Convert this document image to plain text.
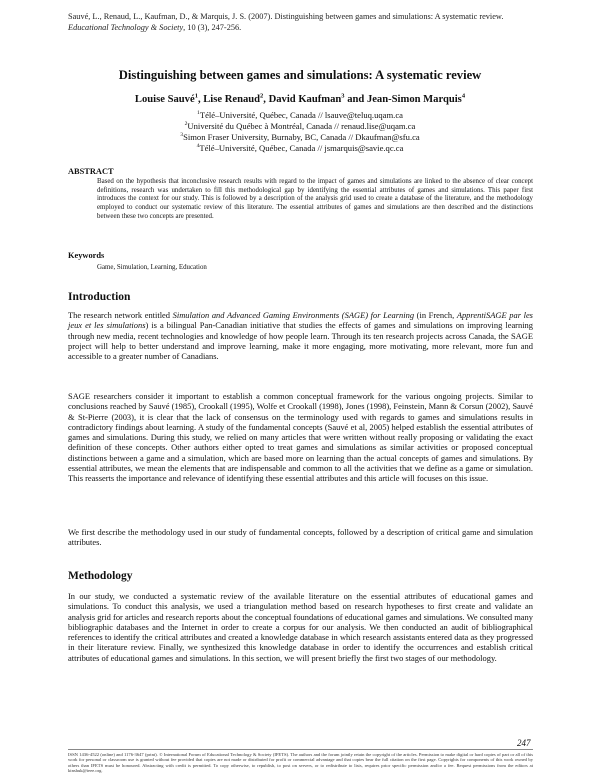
Sauvé, L., Renaud, L., Kaufman, D., & Marquis, J. S. (2007). Distinguishing between games and simulations: A systematic review. Educational Technology & Society, 10 (3), 247-256.
Distinguishing between games and simulations: A systematic review
Louise Sauvé$^1$, Lise Renaud$^2$, David Kaufman$^3$ and Jean-Simon Marquis$^4$
$^1$Télé–Université, Québec, Canada // lsauve@teluq.uqam.ca
$^2$Université du Québec à Montréal, Canada // renaud.lise@uqam.ca
$^3$Simon Fraser University, Burnaby, BC, Canada // Dkaufman@sfu.ca
$^4$Télé–Université, Québec, Canada // jsmarquis@savie.qc.ca
ABSTRACT
Based on the hypothesis that inconclusive research results with regard to the impact of games and simulations are linked to the absence of clear concept definitions, research was undertaken to fill this methodological gap by identifying the essential attributes of games and simulations. This paper first introduces the context for our study. This is followed by a description of the analysis grid used to create a database of the literature, and the methodology employed to conduct our systematic review of this literature. The essential attributes of games and simulations are then described and the distinctions between these two concepts are presented.
Keywords
Game, Simulation, Learning, Education
Introduction
The research network entitled Simulation and Advanced Gaming Environments (SAGE) for Learning (in French, ApprentiSAGE par les jeux et les simulations) is a bilingual Pan-Canadian initiative that studies the effects of games and simulations on improving learning through new media, recent technologies and knowledge of how people learn. Through its ten research projects across Canada, the SAGE project will help to better understand and improve learning, make it more engaging, more motivating, more relevant, more fun and accessible to a greater number of Canadians.
SAGE researchers consider it important to establish a common conceptual framework for the various ongoing projects. Similar to conclusions reached by Sauvé (1985), Crookall (1995), Wolfe et Crookall (1998), Jones (1998), Feinstein, Mann & Corsun (2002), Sauvé & St-Pierre (2003), it is clear that the lack of consensus on the terminology used with regards to games and simulations results in contradictory findings about learning. A study of the fundamental concepts (Sauvé et al, 2005) helped establish the essential attributes of games and simulations. During this study, we relied on many articles that were written without really proposing or validating the exact definition of these concepts. Other authors either opted to treat games and simulations as similar activities or proposed conceptual distinctions between a game and a simulation, which are based more on learning than the actual concepts of games and simulations. By essential attributes, we mean the elements that are indispensable and common to all the activities that we define as a game or simulation. This reasserts the importance and relevance of identifying these essential attributes and this article will focuses on this issue.
We first describe the methodology used in our study of fundamental concepts, followed by a description of critical game and simulation attributes.
Methodology
In our study, we conducted a systematic review of the available literature on the essential attributes of educational games and simulations. To conduct this analysis, we used a triangulation method based on research hypotheses to first create and validate an analysis grid for articles and research reports about the conceptual foundations of educational games and simulations. We consulted many bibliographic databases and the Internet in order to create a corpus for our analysis. We then conducted an audit of bibliographical references to identify the critical attributes and created a knowledge database in which research assistants entered data as they progressed in their literature review. Finally, we synthesized this knowledge database in order to identify the occurrences and establish critical attributes of educational games and simulations. In this section, we will present briefly the first two stages of our methodology.
247
ISSN 1436-4522 (online) and 1176-3647 (print). © International Forum of Educational Technology & Society (IFETS). The authors and the forum jointly retain the copyright of the articles. Permission to make digital or hard copies of part or all of this work for personal or classroom use is granted without fee provided that copies are not made or distributed for profit or commercial advantage and that copies bear the full citation on the first page. Copyrights for components of this work owned by others than IFETS must be honoured. Abstracting with credit is permitted. To copy otherwise, to republish, to post on servers, or to redistribute to lists, requires prior specific permission and/or a fee. Request permissions from the editors at kinshuk@ieee.org.
